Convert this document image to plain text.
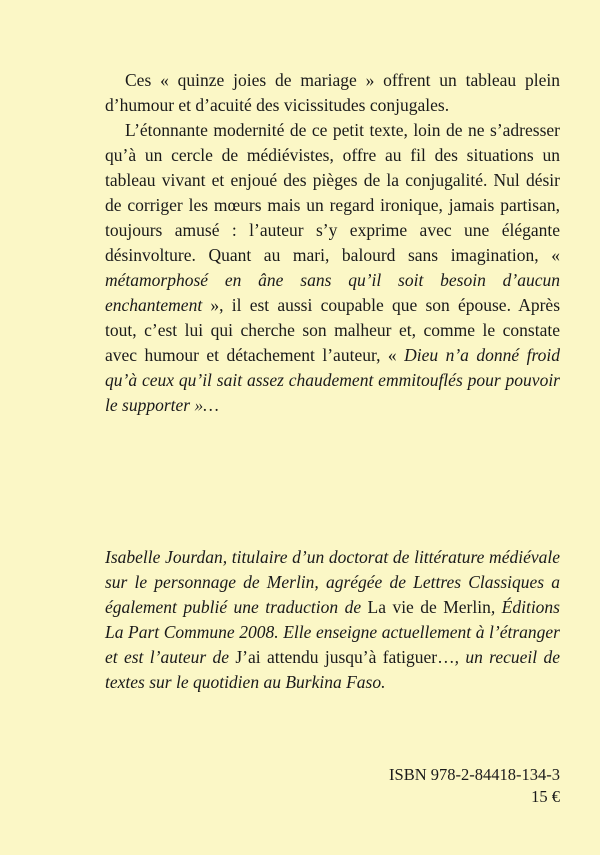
Ces « quinze joies de mariage » offrent un tableau plein d’humour et d’acuité des vicissitudes conjugales.

L’étonnante modernité de ce petit texte, loin de ne s’adresser qu’à un cercle de médiévistes, offre au fil des situations un tableau vivant et enjoué des pièges de la conjugalité. Nul désir de corriger les mœurs mais un regard ironique, jamais partisan, toujours amusé : l’auteur s’y exprime avec une élégante désinvolture. Quant au mari, balourd sans imagination, « métamorphosé en âne sans qu’il soit besoin d’aucun enchantement », il est aussi coupable que son épouse. Après tout, c’est lui qui cherche son malheur et, comme le constate avec humour et détachement l’auteur, « Dieu n’a donné froid qu’à ceux qu’il sait assez chaudement emmitouflés pour pouvoir le supporter »…

Isabelle Jourdan, titulaire d’un doctorat de littérature médiévale sur le personnage de Merlin, agrégée de Lettres Classiques a également publié une traduction de La vie de Merlin, Éditions La Part Commune 2008. Elle enseigne actuellement à l’étranger et est l’auteur de J’ai attendu jusqu’à fatiguer…, un recueil de textes sur le quotidien au Burkina Faso.

ISBN 978-2-84418-134-3
15 €
